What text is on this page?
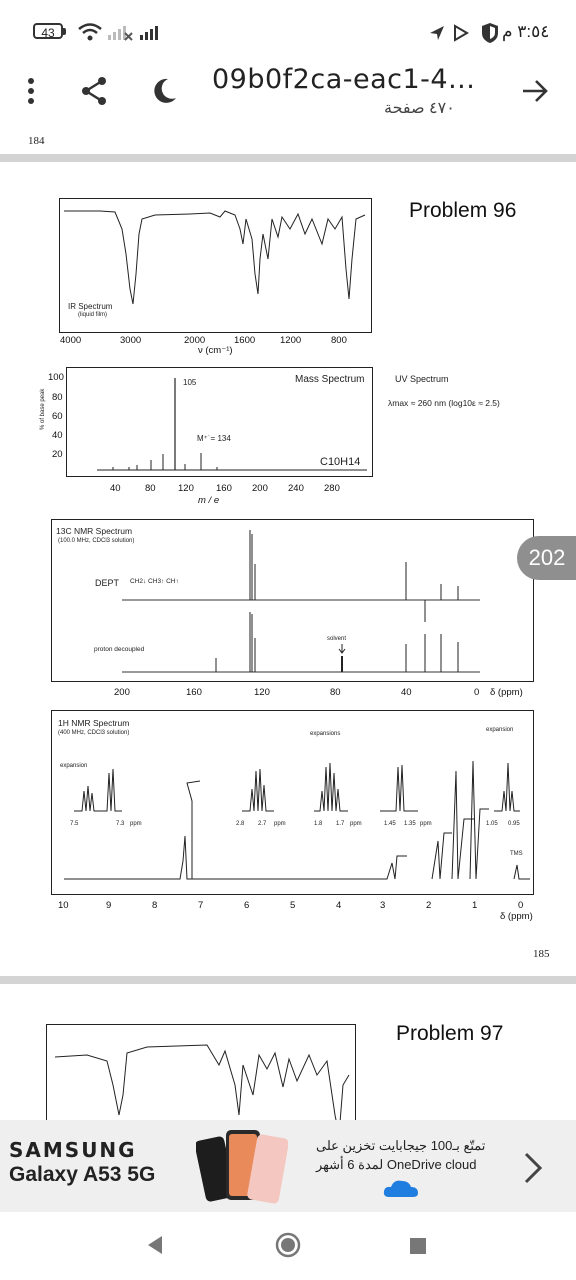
43	٣:٥٤ م
09b0f2ca-eac1-4...
٤٧٠ صفحة
184
Problem 96
IR Spectrum
(liquid film)
4000	3000	2000	1600	1200	800
ν (cm⁻¹)
105
M⁺˙= 134
Mass Spectrum
C10H14
100
80
60
40
20
% of base peak
40	80 120 160 200 240 280
m / e
UV Spectrum
λmax ≈ 260 nm (log10ε ≈ 2.5)
13C NMR Spectrum
(100.0 MHz, CDCl3 solution)
DEPT CH2↓ CH3↑ CH↑
proton decoupled
solvent
200	160	120	80	40	0 δ (ppm)
1H NMR Spectrum
(400 MHz, CDCl3 solution)
expansion
expansions
expansion
7.5	7.3 ppm	2.8 2.7 ppm	1.8 1.7 ppm	1.45 1.35 ppm	1.05 0.95
TMS
10	9	8	7	6	5	4	3	2	1	0
δ (ppm)
185
Problem 97
202
SAMSUNG
Galaxy A53 5G
تمتّع بـ100 جيجابايت تخزين على
OneDrive cloud لمدة 6 أشهر
